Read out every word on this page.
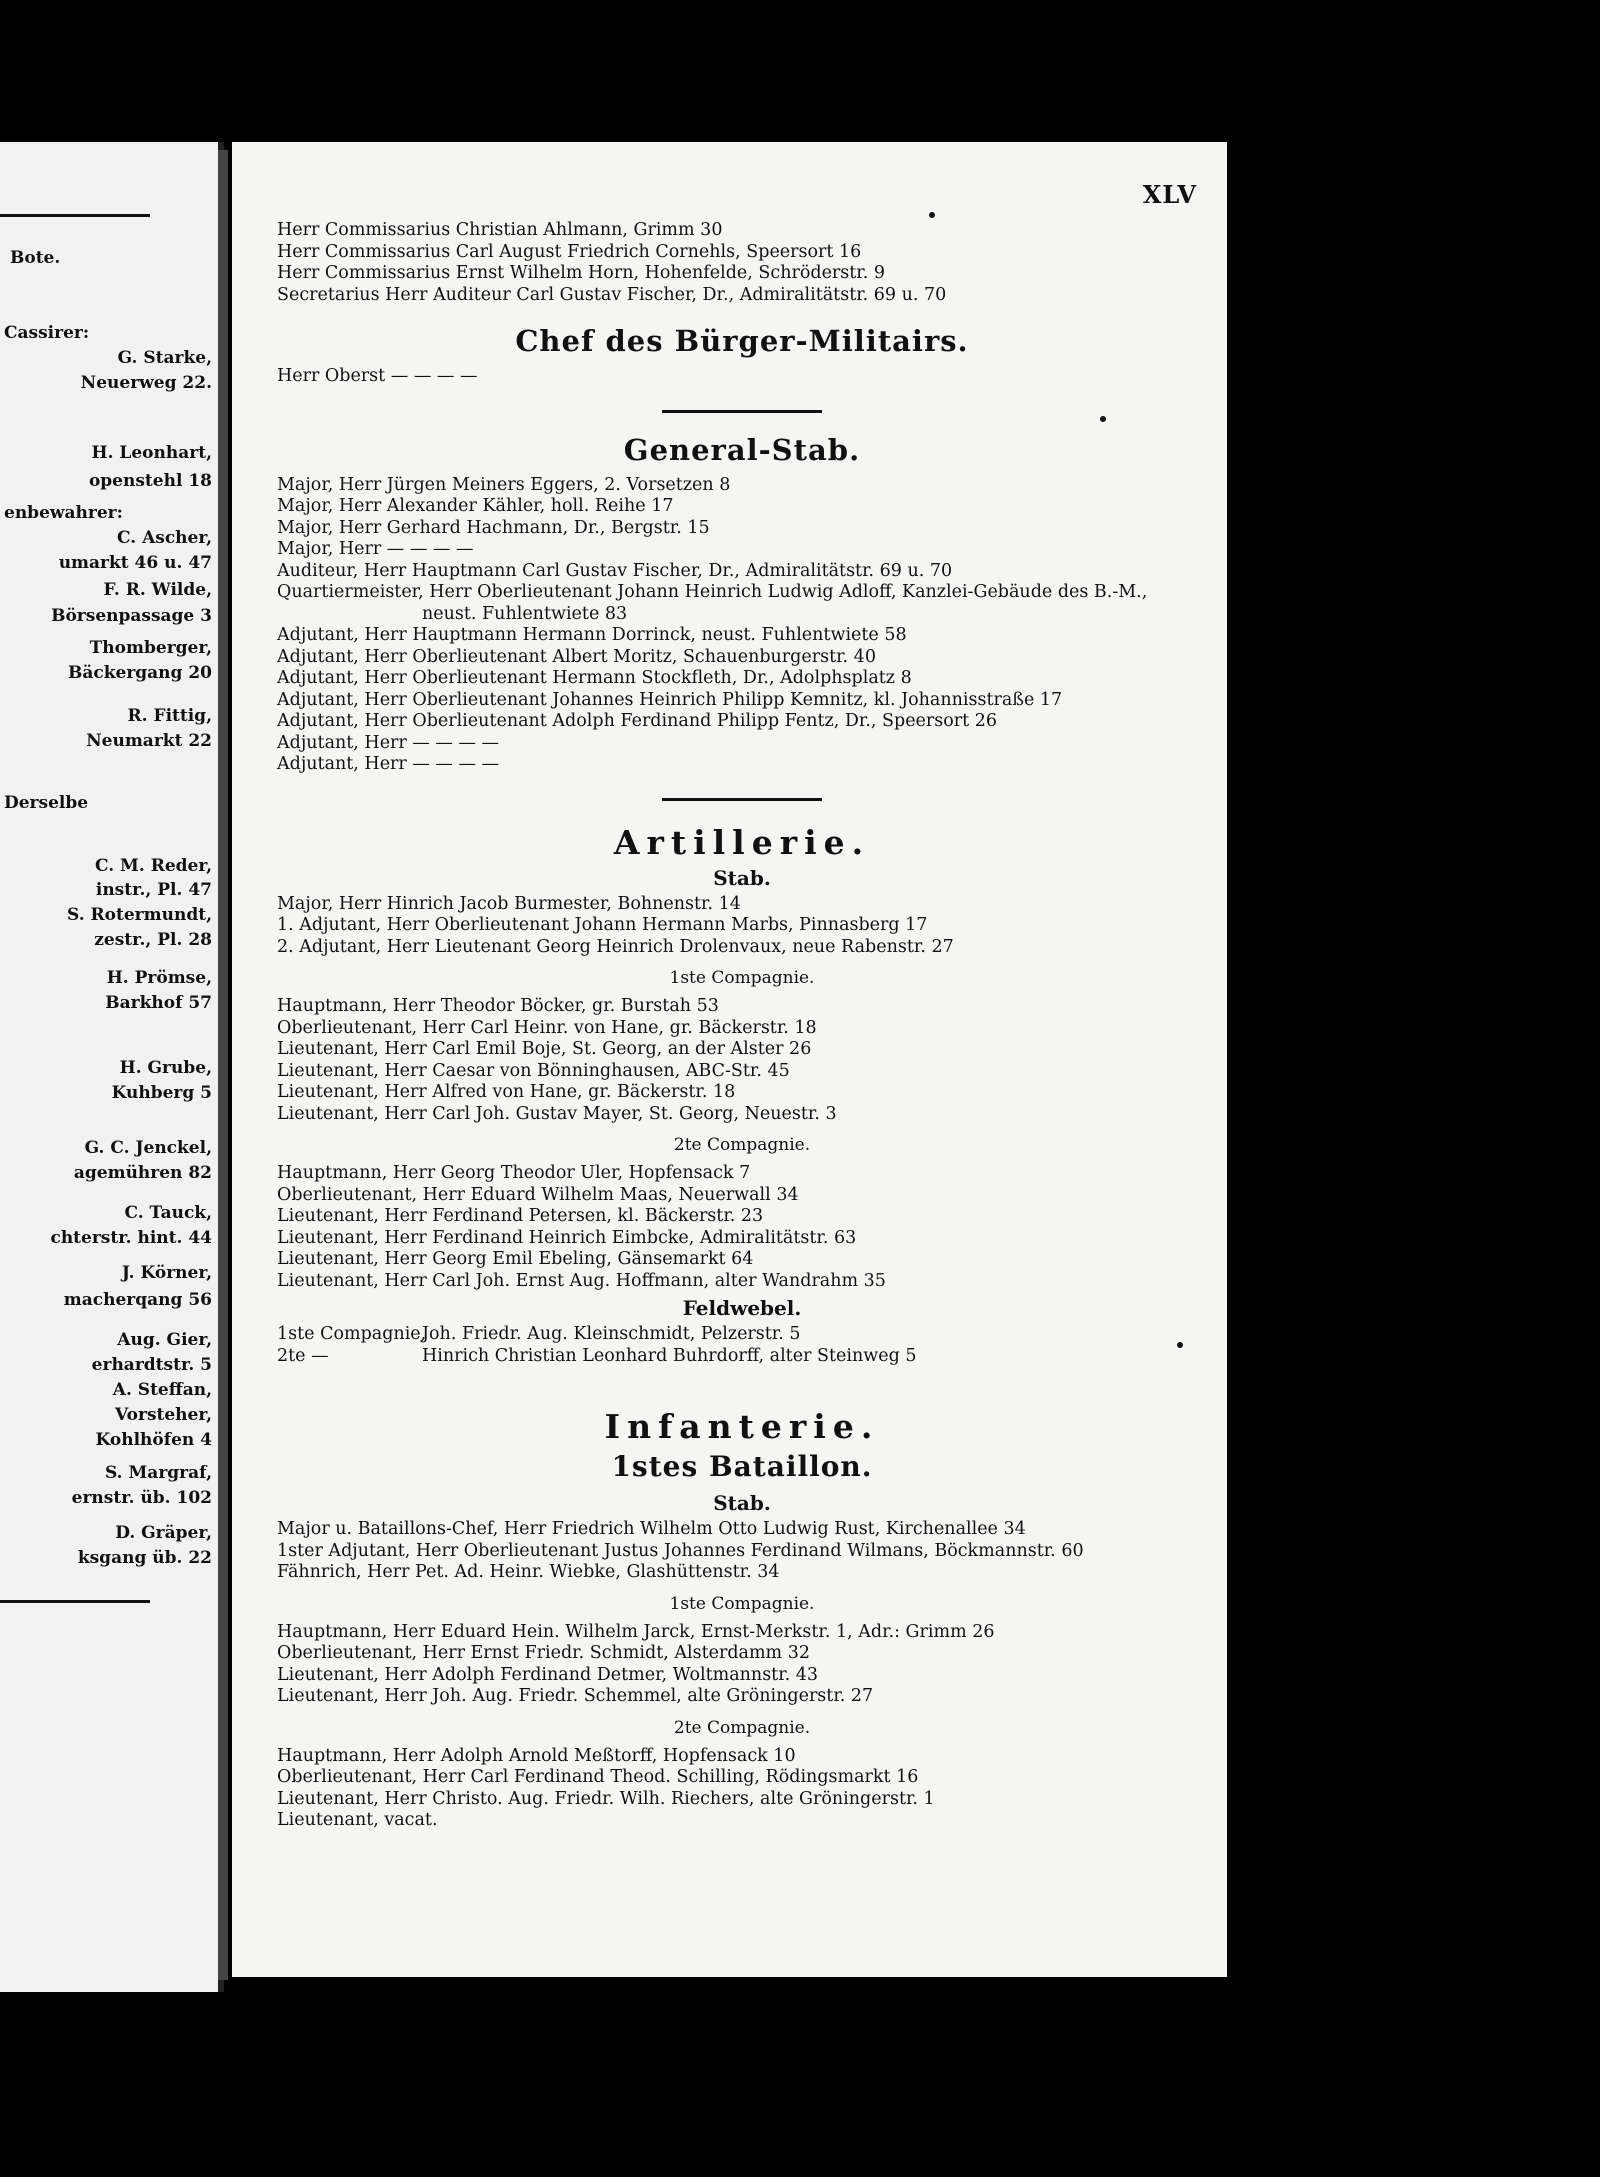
Bote.
Cassirer:
G. Starke,
Neuerweg 22.
H. Leonhart,
openstehl 18
enbewahrer:
C. Ascher,
umarkt 46 u. 47
F. R. Wilde,
Börsenpassage 3
Thomberger,
Bäckergang 20
R. Fittig,
Neumarkt 22
Derselbe
C. M. Reder,
instr., Pl. 47
S. Rotermundt,
zestr., Pl. 28
H. Prömse,
Barkhof 57
H. Grube,
Kuhberg 5
G. C. Jenckel,
agemühren 82
C. Tauck,
chterstr. hint. 44
J. Körner,
macherqang 56
Aug. Gier,
erhardtstr. 5
A. Steffan,
Vorsteher,
Kohlhöfen 4
S. Margraf,
ernstr. üb. 102
D. Gräper,
ksgang üb. 22
XLV
Herr Commissarius Christian Ahlmann, Grimm 30
Herr Commissarius Carl August Friedrich Cornehls, Speersort 16
Herr Commissarius Ernst Wilhelm Horn, Hohenfelde, Schröderstr. 9
Secretarius Herr Auditeur Carl Gustav Fischer, Dr., Admiralitätstr. 69 u. 70
Chef des Bürger-Militairs.
Herr Oberst — — — —
General-Stab.
Major, Herr Jürgen Meiners Eggers, 2. Vorsetzen 8
Major, Herr Alexander Kähler, holl. Reihe 17
Major, Herr Gerhard Hachmann, Dr., Bergstr. 15
Major, Herr — — — —
Auditeur, Herr Hauptmann Carl Gustav Fischer, Dr., Admiralitätstr. 69 u. 70
Quartiermeister, Herr Oberlieutenant Johann Heinrich Ludwig Adloff, Kanzlei-Gebäude des B.-M.,
neust. Fuhlentwiete 83
Adjutant, Herr Hauptmann Hermann Dorrinck, neust. Fuhlentwiete 58
Adjutant, Herr Oberlieutenant Albert Moritz, Schauenburgerstr. 40
Adjutant, Herr Oberlieutenant Hermann Stockfleth, Dr., Adolphsplatz 8
Adjutant, Herr Oberlieutenant Johannes Heinrich Philipp Kemnitz, kl. Johannisstraße 17
Adjutant, Herr Oberlieutenant Adolph Ferdinand Philipp Fentz, Dr., Speersort 26
Adjutant, Herr — — — —
Adjutant, Herr — — — —
Artillerie.
Stab.
Major, Herr Hinrich Jacob Burmester, Bohnenstr. 14
1. Adjutant, Herr Oberlieutenant Johann Hermann Marbs, Pinnasberg 17
2. Adjutant, Herr Lieutenant Georg Heinrich Drolenvaux, neue Rabenstr. 27
1ste Compagnie.
Hauptmann, Herr Theodor Böcker, gr. Burstah 53
Oberlieutenant, Herr Carl Heinr. von Hane, gr. Bäckerstr. 18
Lieutenant, Herr Carl Emil Boje, St. Georg, an der Alster 26
Lieutenant, Herr Caesar von Bönninghausen, ABC-Str. 45
Lieutenant, Herr Alfred von Hane, gr. Bäckerstr. 18
Lieutenant, Herr Carl Joh. Gustav Mayer, St. Georg, Neuestr. 3
2te Compagnie.
Hauptmann, Herr Georg Theodor Uler, Hopfensack 7
Oberlieutenant, Herr Eduard Wilhelm Maas, Neuerwall 34
Lieutenant, Herr Ferdinand Petersen, kl. Bäckerstr. 23
Lieutenant, Herr Ferdinand Heinrich Eimbcke, Admiralitätstr. 63
Lieutenant, Herr Georg Emil Ebeling, Gänsemarkt 64
Lieutenant, Herr Carl Joh. Ernst Aug. Hoffmann, alter Wandrahm 35
Feldwebel.
1ste Compagnie,
Joh. Friedr. Aug. Kleinschmidt, Pelzerstr. 5
2te —	Hinrich Christian Leonhard Buhrdorff, alter Steinweg 5
Infanterie.
1stes Bataillon.
Stab.
Major u. Bataillons-Chef, Herr Friedrich Wilhelm Otto Ludwig Rust, Kirchenallee 34
1ster Adjutant, Herr Oberlieutenant Justus Johannes Ferdinand Wilmans, Böckmannstr. 60
Fähnrich, Herr Pet. Ad. Heinr. Wiebke, Glashüttenstr. 34
1ste Compagnie.
Hauptmann, Herr Eduard Hein. Wilhelm Jarck, Ernst-Merkstr. 1, Adr.: Grimm 26
Oberlieutenant, Herr Ernst Friedr. Schmidt, Alsterdamm 32
Lieutenant, Herr Adolph Ferdinand Detmer, Woltmannstr. 43
Lieutenant, Herr Joh. Aug. Friedr. Schemmel, alte Gröningerstr. 27
2te Compagnie.
Hauptmann, Herr Adolph Arnold Meßtorff, Hopfensack 10
Oberlieutenant, Herr Carl Ferdinand Theod. Schilling, Rödingsmarkt 16
Lieutenant, Herr Christo. Aug. Friedr. Wilh. Riechers, alte Gröningerstr. 1
Lieutenant, vacat.
